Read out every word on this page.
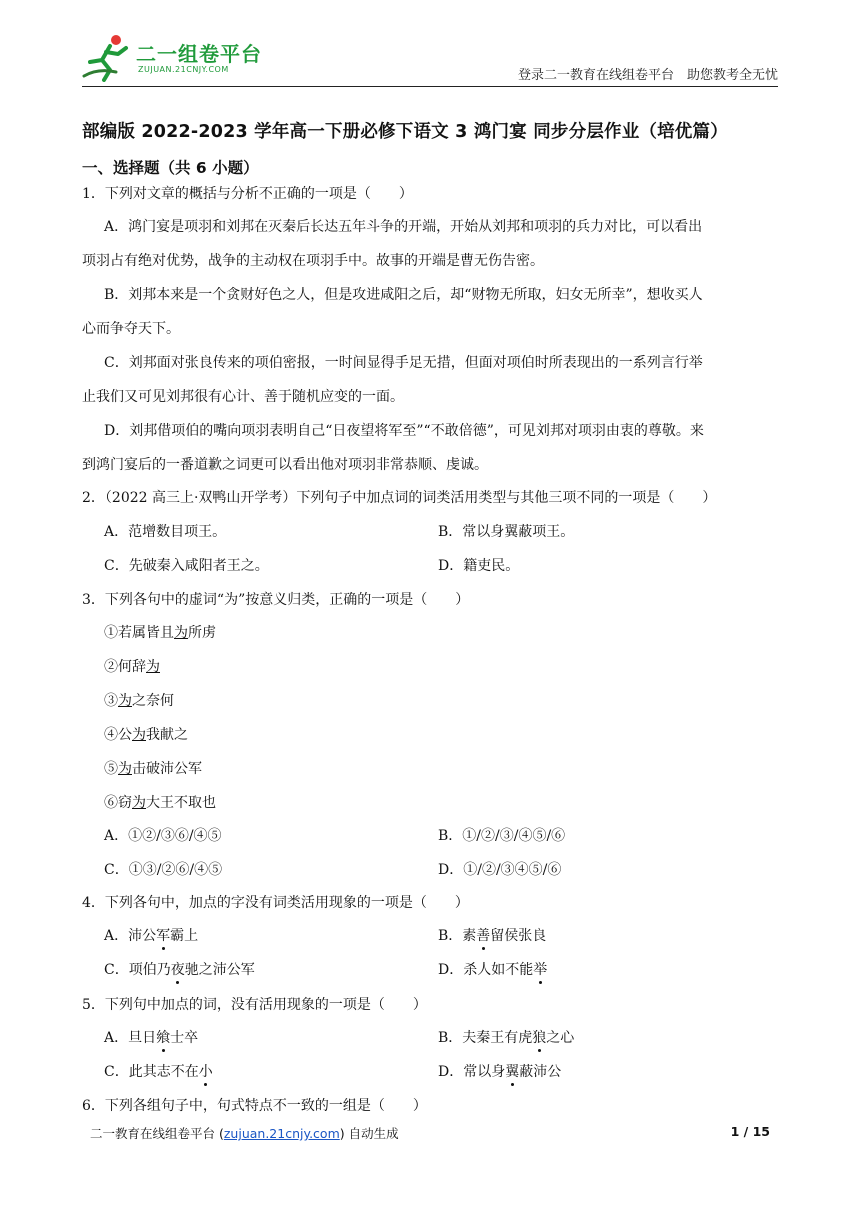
二一组卷平台
ZUJUAN.21CNJY.COM	登录二一教育在线组卷平台　助您教考全无忧
部编版 2022-2023 学年高一下册必修下语文 3 鸿门宴 同步分层作业（培优篇）
一、选择题（共 6 小题）
1．下列对文章的概括与分析不正确的一项是（　　）
A．鸿门宴是项羽和刘邦在灭秦后长达五年斗争的开端，开始从刘邦和项羽的兵力对比，可以看出
项羽占有绝对优势，战争的主动权在项羽手中。故事的开端是曹无伤告密。
B．刘邦本来是一个贪财好色之人，但是攻进咸阳之后，却“财物无所取，妇女无所幸”，想收买人
心而争夺天下。
C．刘邦面对张良传来的项伯密报，一时间显得手足无措，但面对项伯时所表现出的一系列言行举
止我们又可见刘邦很有心计、善于随机应变的一面。
D．刘邦借项伯的嘴向项羽表明自己“日夜望将军至”“不敢倍德”，可见刘邦对项羽由衷的尊敬。来
到鸿门宴后的一番道歉之词更可以看出他对项羽非常恭顺、虔诚。
2．（2022 高三上·双鸭山开学考）下列句子中加点词的词类活用类型与其他三项不同的一项是（　　）
A．范增数目项王。	B．常以身翼蔽项王。
C．先破秦入咸阳者王之。	D．籍吏民。
3．下列各句中的虚词“为”按意义归类，正确的一项是（　　）
①若属皆且为所虏
②何辞为
③为之奈何
④公为我献之
⑤为击破沛公军
⑥窃为大王不取也
A．①②/③⑥/④⑤	B．①/②/③/④⑤/⑥
C．①③/②⑥/④⑤	D．①/②/③④⑤/⑥
4．下列各句中，加点的字没有词类活用现象的一项是（　　）
A．沛公军霸上	B．素善留侯张良
C．项伯乃夜驰之沛公军	D．杀人如不能举
5．下列句中加点的词，没有活用现象的一项是（　　）
A．旦日飨士卒	B．夫秦王有虎狼之心
C．此其志不在小	D．常以身翼蔽沛公
6．下列各组句子中，句式特点不一致的一组是（　　）
二一教育在线组卷平台 (zujuan.21cnjy.com) 自动生成	1 / 15
